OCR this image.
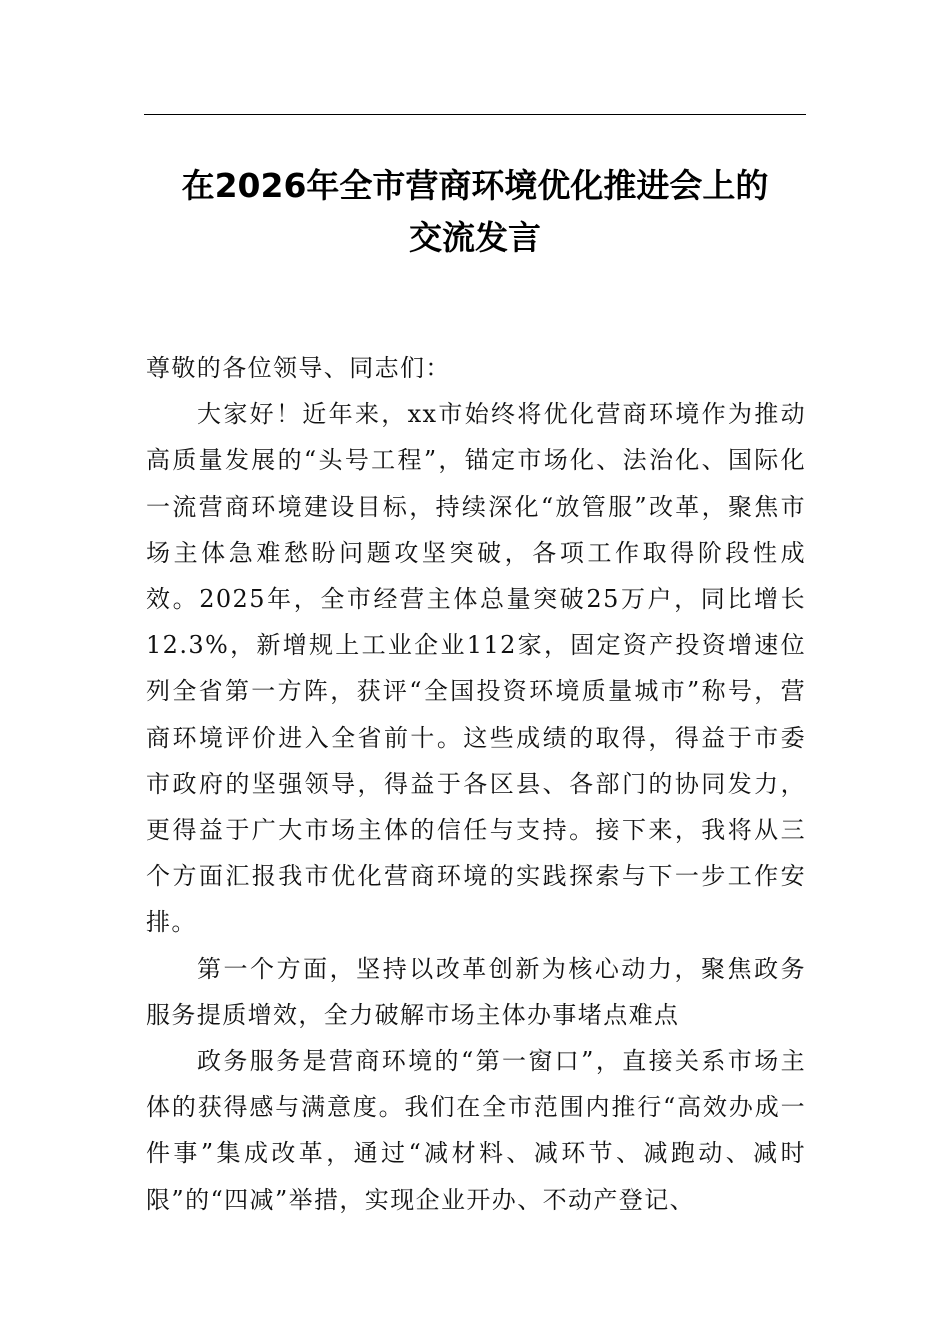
在2026年全市营商环境优化推进会上的
交流发言

尊敬的各位领导、同志们：

大家好！近年来，xx市始终将优化营商环境作为推动高质量发展的“头号工程”，锚定市场化、法治化、国际化一流营商环境建设目标，持续深化“放管服”改革，聚焦市场主体急难愁盼问题攻坚突破，各项工作取得阶段性成效。2025年，全市经营主体总量突破25万户，同比增长12.3%，新增规上工业企业112家，固定资产投资增速位列全省第一方阵，获评“全国投资环境质量城市”称号，营商环境评价进入全省前十。这些成绩的取得，得益于市委市政府的坚强领导，得益于各区县、各部门的协同发力，更得益于广大市场主体的信任与支持。接下来，我将从三个方面汇报我市优化营商环境的实践探索与下一步工作安排。

第一个方面，坚持以改革创新为核心动力，聚焦政务服务提质增效，全力破解市场主体办事堵点难点

政务服务是营商环境的“第一窗口”，直接关系市场主体的获得感与满意度。我们在全市范围内推行“高效办成一件事”集成改革，通过“减材料、减环节、减跑动、减时限”的“四减”举措，实现企业开办、不动产登记、
